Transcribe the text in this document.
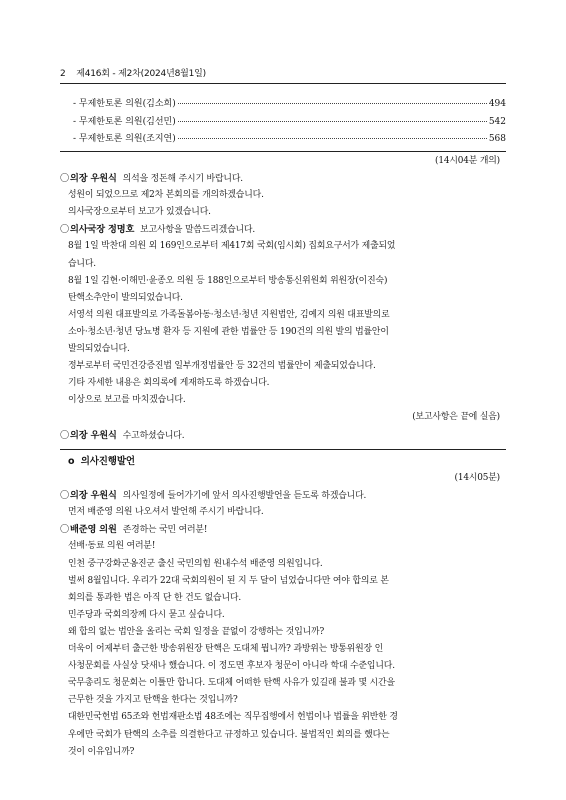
2 제416회 - 제2차(2024년8월1일)
- 무제한토론 의원(김소희)	494
- 무제한토론 의원(김선민)	542
- 무제한토론 의원(조지연)	568
(14시04분 개의)
〇의장 우원식 의석을 정돈해 주시기 바랍니다.
성원이 되었으므로 제2차 본회의를 개의하겠습니다.
의사국장으로부터 보고가 있겠습니다.
〇의사국장 정명호 보고사항을 말씀드리겠습니다.
8월 1일 박찬대 의원 외 169인으로부터 제417회 국회(임시회) 집회요구서가 제출되었
습니다.
8월 1일 김현·이해민·윤종오 의원 등 188인으로부터 방송통신위원회 위원장(이진숙)
탄핵소추안이 발의되었습니다.
서영석 의원 대표발의로 가족돌봄아동·청소년·청년 지원법안, 김예지 의원 대표발의로
소아·청소년·청년 당뇨병 환자 등 지원에 관한 법률안 등 190건의 의원 발의 법률안이
발의되었습니다.
정부로부터 국민건강증진법 일부개정법률안 등 32건의 법률안이 제출되었습니다.
기타 자세한 내용은 회의록에 게재하도록 하겠습니다.
이상으로 보고를 마치겠습니다.
(보고사항은 끝에 실음)
〇의장 우원식 수고하셨습니다.
o 의사진행발언
(14시05분)
〇의장 우원식 의사일정에 들어가기에 앞서 의사진행발언을 듣도록 하겠습니다.
먼저 배준영 의원 나오셔서 발언해 주시기 바랍니다.
〇배준영 의원 존경하는 국민 여러분!
선배·동료 의원 여러분!
인천 중구강화군옹진군 출신 국민의힘 원내수석 배준영 의원입니다.
벌써 8월입니다. 우리가 22대 국회의원이 된 지 두 달이 넘었습니다만 여야 합의로 본
회의를 통과한 법은 아직 단 한 건도 없습니다.
민주당과 국회의장께 다시 묻고 싶습니다.
왜 합의 없는 법안을 올리는 국회 일정을 끝없이 강행하는 것입니까?
더욱이 어제부터 출근한 방송위원장 탄핵은 도대체 뭡니까? 과방위는 방통위원장 인
사청문회를 사실상 닷새나 했습니다. 이 정도면 후보자 청문이 아니라 학대 수준입니다.
국무총리도 청문회는 이틀만 합니다. 도대체 어떠한 탄핵 사유가 있길래 불과 몇 시간을
근무한 것을 가지고 탄핵을 한다는 것입니까?
대한민국헌법 65조와 헌법재판소법 48조에는 직무집행에서 헌법이나 법률을 위반한 경
우에만 국회가 탄핵의 소추를 의결한다고 규정하고 있습니다. 불법적인 회의를 했다는
것이 이유입니까?
